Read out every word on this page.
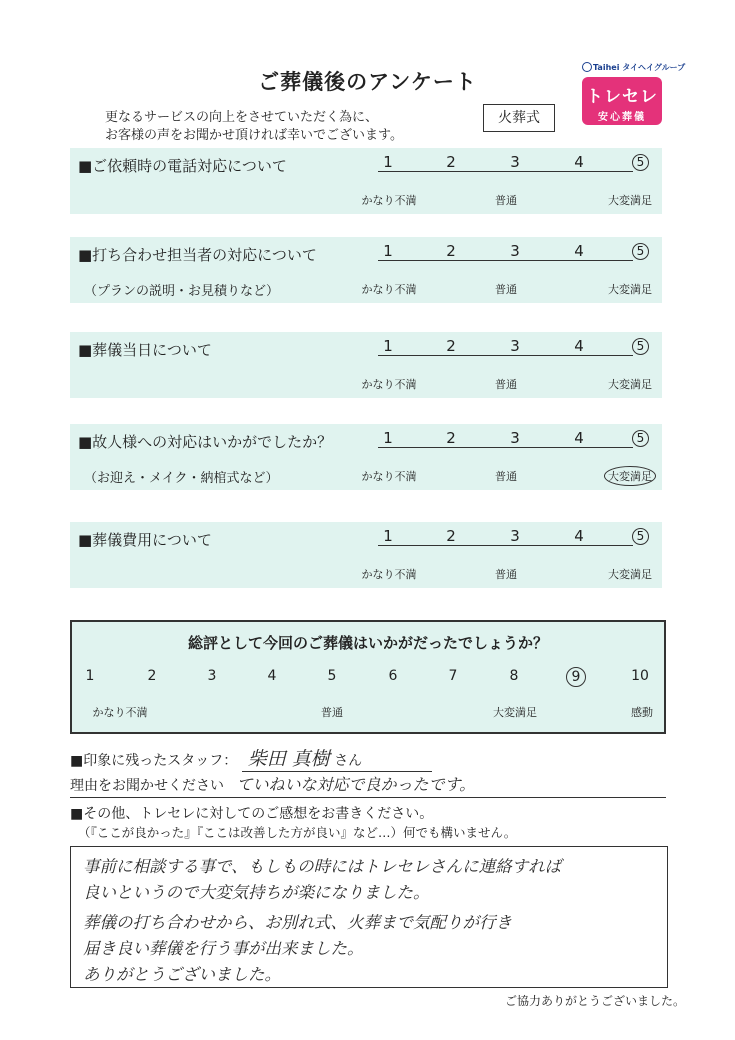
ご葬儀後のアンケート
更なるサービスの向上をさせていただく為に、
お客様の声をお聞かせ頂ければ幸いでございます。
火葬式
Taihei タイヘイグループ
トレセレ
安心葬儀
■ご依頼時の電話対応について	1	2	3	4	5
かなり不満	普通	大変満足
■打ち合わせ担当者の対応について
（プランの説明・お見積りなど）
1	2	3	4	5
かなり不満	普通	大変満足
■葬儀当日について	1	2	3	4	5
かなり不満	普通	大変満足
■故人様への対応はいかがでしたか？
（お迎え・メイク・納棺式など）
1	2	3	4	5
かなり不満	普通	大変満足
■葬儀費用について	1	2	3	4	5
かなり不満	普通	大変満足
総評として今回のご葬儀はいかがだったでしょうか？
1	2	3	4	5	6	7	8	9	10
かなり不満	普通	大変満足	感動
■印象に残ったスタッフ： 柴田 真樹 さん
理由をお聞かせください ていねいな対応で良かったです。
■その他、トレセレに対してのご感想をお書きください。
（『ここが良かった』『ここは改善した方が良い』など…）何でも構いません。
事前に相談する事で、もしもの時にはトレセレさんに連絡すれば
良いというので大変気持ちが楽になりました。
葬儀の打ち合わせから、お別れ式、火葬まで気配りが行き
届き良い葬儀を行う事が出来ました。
ありがとうございました。
ご協力ありがとうございました。
